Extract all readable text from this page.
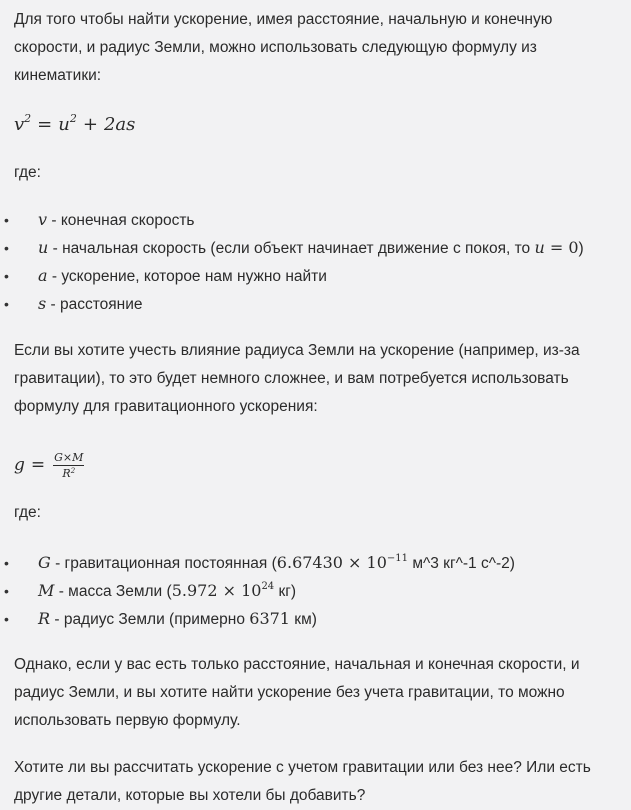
Для того чтобы найти ускорение, имея расстояние, начальную и конечную скорости, и радиус Земли, можно использовать следующую формулу из кинематики:

$v^2 = u^2 + 2as$

где:

• v - конечная скорость
• u - начальная скорость (если объект начинает движение с покоя, то u = 0)
• a - ускорение, которое нам нужно найти
• s - расстояние

Если вы хотите учесть влияние радиуса Земли на ускорение (например, из-за гравитации), то это будет немного сложнее, и вам потребуется использовать формулу для гравитационного ускорения:

$g = \frac{G\times M}{R^2}$

где:

• G - гравитационная постоянная ($6.67430 \times 10^{-11}$ м^3 кг^-1 с^-2)
• M - масса Земли ($5.972 \times 10^{24}$ кг)
• R - радиус Земли (примерно 6371 км)

Однако, если у вас есть только расстояние, начальная и конечная скорости, и радиус Земли, и вы хотите найти ускорение без учета гравитации, то можно использовать первую формулу.

Хотите ли вы рассчитать ускорение с учетом гравитации или без нее? Или есть другие детали, которые вы хотели бы добавить?
